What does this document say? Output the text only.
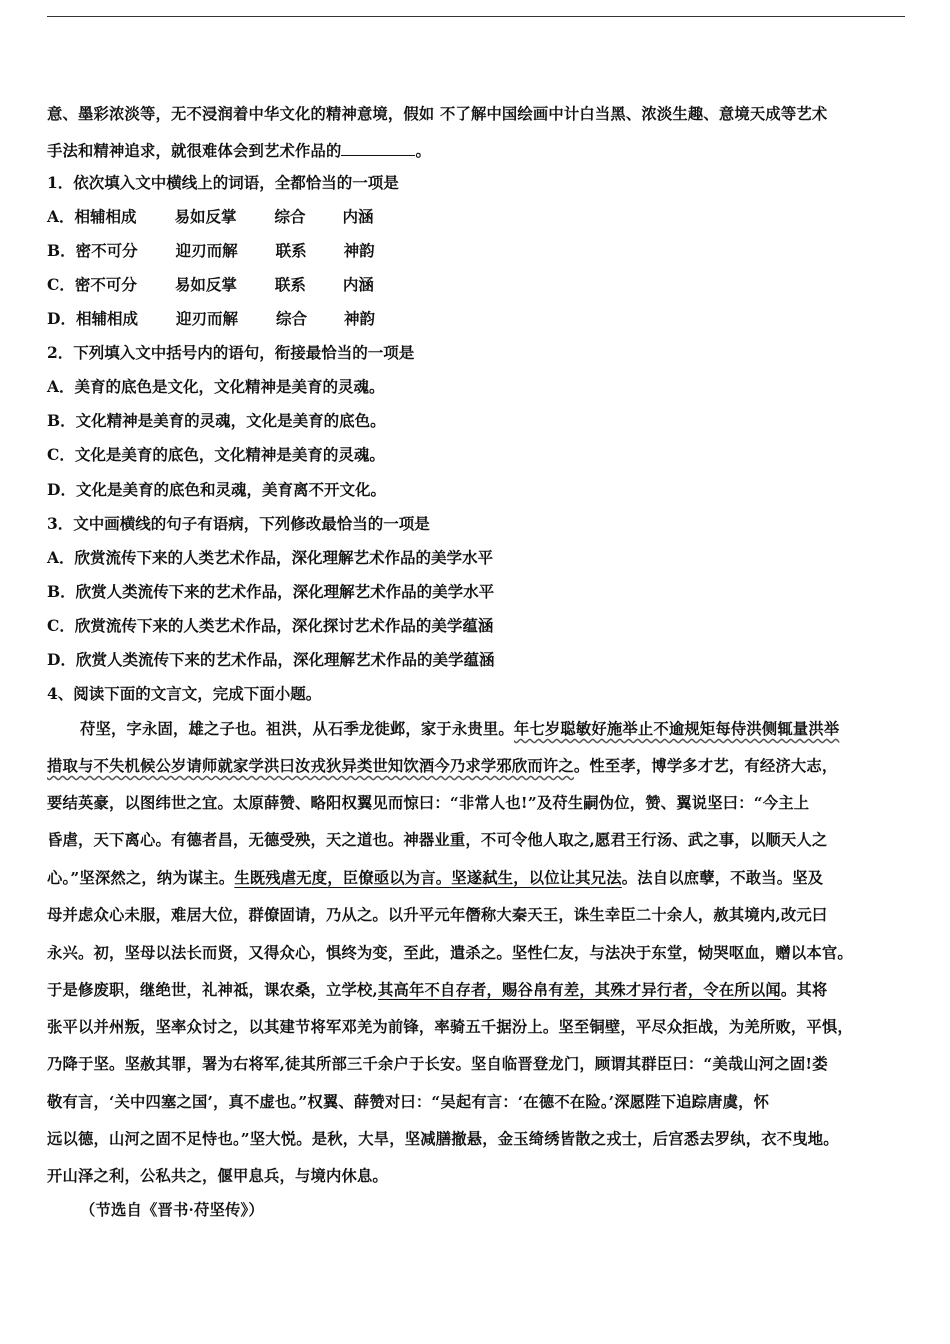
意、墨彩浓淡等，无不浸润着中华文化的精神意境，假如 不了解中国绘画中计白当黑、浓淡生趣、意境天成等艺术
手法和精神追求，就很难体会到艺术作品的	。
1．依次填入文中横线上的词语，全都恰当的一项是
A．相辅相成 易如反掌 综合 内涵
B．密不可分 迎刃而解 联系 神韵
C．密不可分 易如反掌 联系 内涵
D．相辅相成 迎刃而解 综合 神韵
2．下列填入文中括号内的语句，衔接最恰当的一项是
A．美育的底色是文化，文化精神是美育的灵魂。
B．文化精神是美育的灵魂，文化是美育的底色。
C．文化是美育的底色，文化精神是美育的灵魂。
D．文化是美育的底色和灵魂，美育离不开文化。
3．文中画横线的句子有语病，下列修改最恰当的一项是
A．欣赏流传下来的人类艺术作品，深化理解艺术作品的美学水平
B．欣赏人类流传下来的艺术作品，深化理解艺术作品的美学水平
C．欣赏流传下来的人类艺术作品，深化探讨艺术作品的美学蕴涵
D．欣赏人类流传下来的艺术作品，深化理解艺术作品的美学蕴涵
4、阅读下面的文言文，完成下面小题。
苻坚，字永固，雄之子也。祖洪，从石季龙徙邺，家于永贵里。年七岁聪敏好施举止不逾规矩每侍洪侧辄量洪举
措取与不失机候公岁请师就家学洪曰汝戎狄异类世知饮酒今乃求学邪欣而许之。性至孝，博学多才艺，有经济大志，
要结英豪，以图纬世之宜。太原薛赞、略阳权翼见而惊曰：“非常人也!”及苻生嗣伪位，赞、翼说坚曰：“今主上
昏虐，天下离心。有德者昌，无德受殃，天之道也。神器业重，不可令他人取之,愿君王行汤、武之事，以顺天人之
心。”坚深然之，纳为谋主。生既残虐无度，臣僚亟以为言。坚遂弑生，以位让其兄法。法自以庶孽，不敢当。坚及
母并虑众心未服，难居大位，群僚固请，乃从之。以升平元年僭称大秦天王，诛生幸臣二十余人，赦其境内,改元曰
永兴。初，坚母以法长而贤，又得众心，惧终为变，至此，遣杀之。坚性仁友，与法决于东堂，恸哭呕血，赠以本官。
于是修废职，继绝世，礼神祗，课农桑，立学校,其高年不自存者，赐谷帛有差，其殊才异行者，令在所以闻。其将
张平以并州叛，坚率众讨之，以其建节将军邓羌为前锋，率骑五千据汾上。坚至铜壁，平尽众拒战，为羌所败，平惧，
乃降于坚。坚赦其罪，署为右将军,徒其所部三千余户于长安。坚自临晋登龙门，顾谓其群臣曰：“美哉山河之固!娄
敬有言，‘关中四塞之国’，真不虚也。”权翼、薛赞对曰：“吴起有言：‘在德不在险。’深愿陛下追踪唐虞，怀
远以德，山河之固不足恃也。”坚大悦。是秋，大旱，坚减膳撤悬，金玉绮绣皆散之戎士，后宫悉去罗纨，衣不曳地。
开山泽之利，公私共之，偃甲息兵，与境内休息。
（节选自《晋书·苻坚传》）
